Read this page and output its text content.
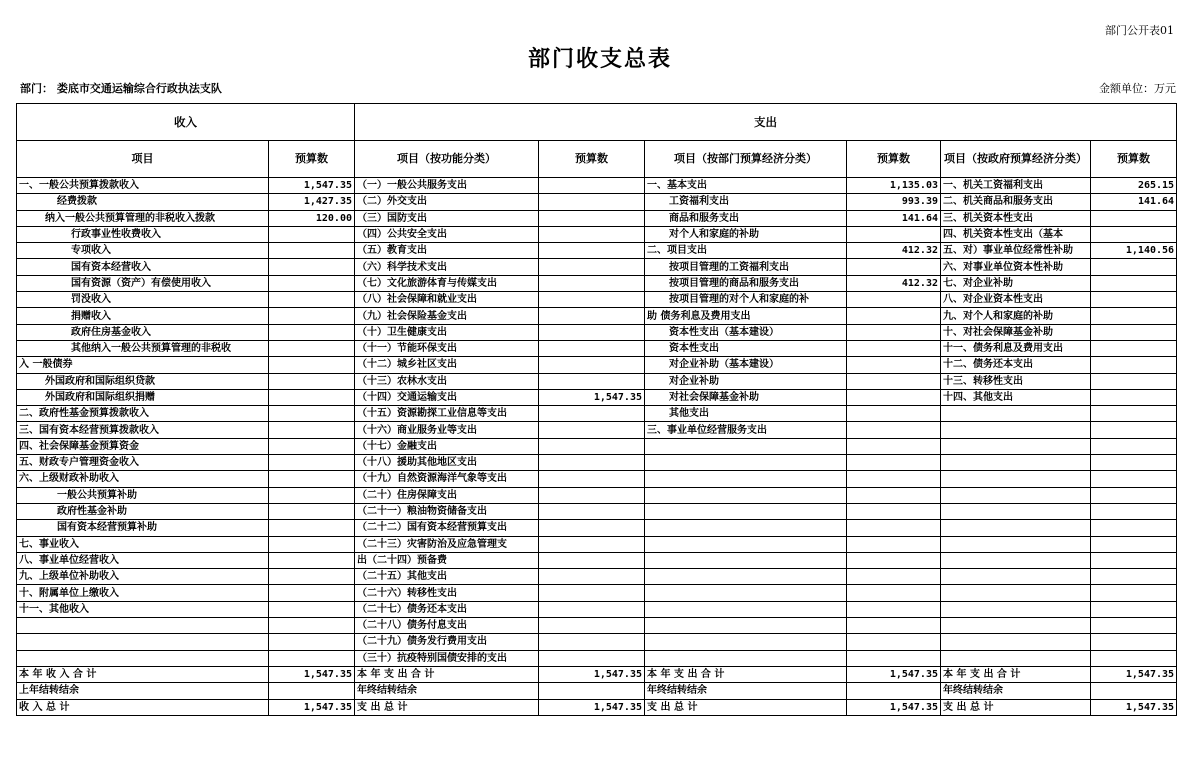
部门公开表01
部门收支总表
部门： 娄底市交通运输综合行政执法支队	金额单位：万元
收入		支出					
项目	预算数	项目（按功能分类）	预算数	项目（按部门预算经济分类）	预算数	项目（按政府预算经济分类）	预算数
一、一般公共预算拨款收入	1,547.35	（一）一般公共服务支出		一、基本支出	1,135.03	一、机关工资福利支出	265.15
经费拨款	1,427.35	（二）外交支出		工资福利支出	993.39	二、机关商品和服务支出	141.64
纳入一般公共预算管理的非税收入拨款	120.00	（三）国防支出		商品和服务支出	141.64	三、机关资本性支出	
行政事业性收费收入		（四）公共安全支出		对个人和家庭的补助		四、机关资本性支出（基本	
专项收入		（五）教育支出		二、项目支出	412.32	五、对）事业单位经常性补助	1,140.56
国有资本经营收入		（六）科学技术支出		按项目管理的工资福利支出		六、对事业单位资本性补助	
国有资源（资产）有偿使用收入		（七）文化旅游体育与传媒支出		按项目管理的商品和服务支出	412.32	七、对企业补助	
罚没收入		（八）社会保障和就业支出		按项目管理的对个人和家庭的补		八、对企业资本性支出	
捐赠收入		（九）社会保险基金支出		助 债务利息及费用支出		九、对个人和家庭的补助	
政府住房基金收入		（十）卫生健康支出		资本性支出（基本建设）		十、对社会保障基金补助	
其他纳入一般公共预算管理的非税收		（十一）节能环保支出		资本性支出		十一、债务利息及费用支出	
入 一般债券		（十二）城乡社区支出		对企业补助（基本建设）		十二、债务还本支出	
外国政府和国际组织贷款		（十三）农林水支出		对企业补助		十三、转移性支出	
外国政府和国际组织捐赠		（十四）交通运输支出	1,547.35	对社会保障基金补助		十四、其他支出	
二、政府性基金预算拨款收入		（十五）资源勘探工业信息等支出		其他支出			
三、国有资本经营预算拨款收入		（十六）商业服务业等支出		三、事业单位经营服务支出			
四、社会保障基金预算资金		（十七）金融支出					
五、财政专户管理资金收入		（十八）援助其他地区支出					
六、上级财政补助收入		（十九）自然资源海洋气象等支出					
一般公共预算补助		（二十）住房保障支出					
政府性基金补助		（二十一）粮油物资储备支出					
国有资本经营预算补助		（二十二）国有资本经营预算支出					
七、事业收入		（二十三）灾害防治及应急管理支					
八、事业单位经营收入		出（二十四）预备费					
九、上级单位补助收入		（二十五）其他支出					
十、附属单位上缴收入		（二十六）转移性支出					
十一、其他收入		（二十七）债务还本支出					
		（二十八）债务付息支出					
		（二十九）债务发行费用支出					
		（三十）抗疫特别国债安排的支出					
本 年 收 入 合 计	1,547.35	本 年 支 出 合 计	1,547.35	本 年 支 出 合 计	1,547.35	本 年 支 出 合 计	1,547.35
上年结转结余		年终结转结余		年终结转结余		年终结转结余	
收 入 总 计	1,547.35	支 出 总 计	1,547.35	支 出 总 计	1,547.35	支 出 总 计	1,547.35
